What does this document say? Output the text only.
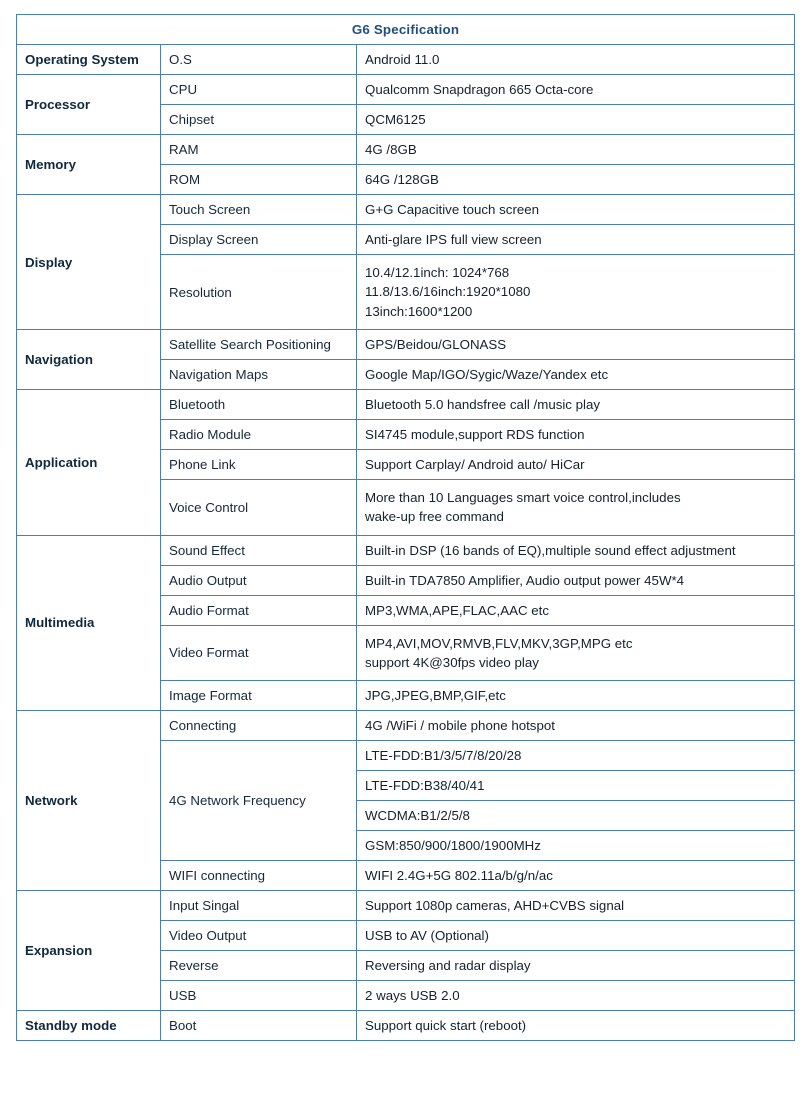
G6 Specification		
Operating System	O.S	Android 11.0
Processor	CPU	Qualcomm Snapdragon 665 Octa-core
	Chipset	QCM6125
Memory	RAM	4G /8GB
	ROM	64G /128GB
Display	Touch Screen	G+G Capacitive touch screen
	Display Screen	Anti-glare IPS full view screen
	Resolution	10.4/12.1inch: 1024*768
11.8/13.6/16inch:1920*1080
13inch:1600*1200

Navigation	Satellite Search Positioning	GPS/Beidou/GLONASS
	Navigation Maps	Google Map/IGO/Sygic/Waze/Yandex etc
Application	Bluetooth	Bluetooth 5.0 handsfree call /music play
	Radio Module	SI4745 module,support RDS function
	Phone Link	Support Carplay/ Android auto/ HiCar
	Voice Control	More than 10 Languages smart voice control,includes
wake-up free command

Multimedia	Sound Effect	Built-in DSP (16 bands of EQ),multiple sound effect adjustment
	Audio Output	Built-in TDA7850 Amplifier, Audio output power 45W*4
	Audio Format	MP3,WMA,APE,FLAC,AAC etc
	Video Format	MP4,AVI,MOV,RMVB,FLV,MKV,3GP,MPG etc
support 4K@30fps video play

	Image Format	JPG,JPEG,BMP,GIF,etc
Network	Connecting	4G /WiFi / mobile phone hotspot
	4G Network Frequency	LTE-FDD:B1/3/5/7/8/20/28
		LTE-FDD:B38/40/41
		WCDMA:B1/2/5/8
		GSM:850/900/1800/1900MHz
	WIFI connecting	WIFI 2.4G+5G 802.11a/b/g/n/ac
Expansion	Input Singal	Support 1080p cameras, AHD+CVBS signal
	Video Output	USB to AV (Optional)
	Reverse	Reversing and radar display
	USB	2 ways USB 2.0
Standby mode	Boot	Support quick start (reboot)
